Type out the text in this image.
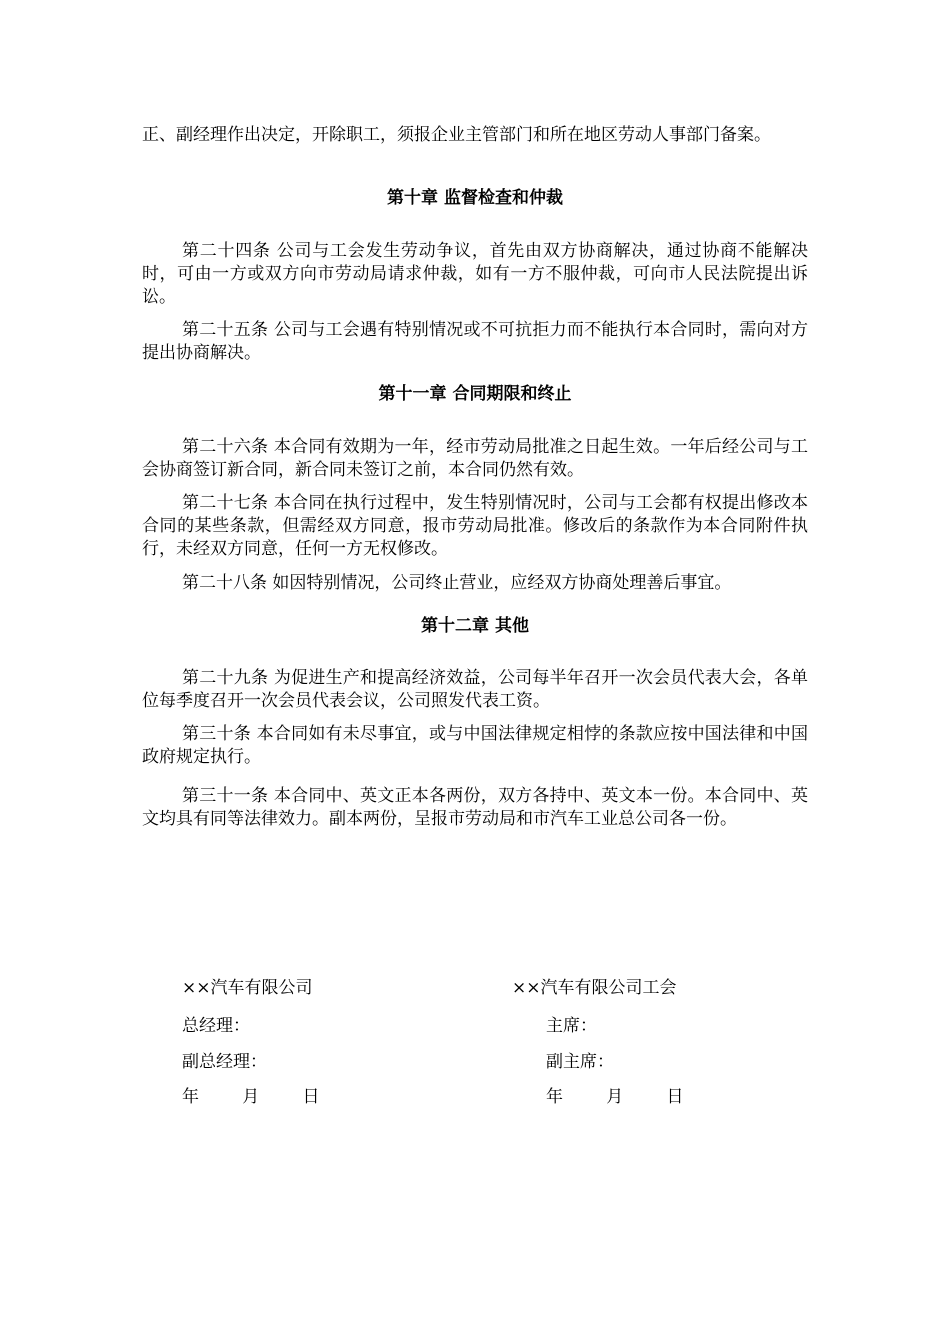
正、副经理作出决定，开除职工，须报企业主管部门和所在地区劳动人事部门备案。
第十章 监督检查和仲裁
第二十四条 公司与工会发生劳动争议，首先由双方协商解决，通过协商不能解决时，可由一方或双方向市劳动局请求仲裁，如有一方不服仲裁，可向市人民法院提出诉讼。
第二十五条 公司与工会遇有特别情况或不可抗拒力而不能执行本合同时，需向对方提出协商解决。
第十一章 合同期限和终止
第二十六条 本合同有效期为一年，经市劳动局批准之日起生效。一年后经公司与工会协商签订新合同，新合同未签订之前，本合同仍然有效。
第二十七条 本合同在执行过程中，发生特别情况时，公司与工会都有权提出修改本合同的某些条款，但需经双方同意，报市劳动局批准。修改后的条款作为本合同附件执行，未经双方同意，任何一方无权修改。
第二十八条 如因特别情况，公司终止营业，应经双方协商处理善后事宜。
第十二章 其他
第二十九条 为促进生产和提高经济效益，公司每半年召开一次会员代表大会，各单位每季度召开一次会员代表会议，公司照发代表工资。
第三十条 本合同如有未尽事宜，或与中国法律规定相悖的条款应按中国法律和中国政府规定执行。
第三十一条 本合同中、英文正本各两份，双方各持中、英文本一份。本合同中、英文均具有同等法律效力。副本两份，呈报市劳动局和市汽车工业总公司各一份。
××汽车有限公司	××汽车有限公司工会
总经理：	主席：
副总经理：	副主席：
年        月        日	年        月        日
